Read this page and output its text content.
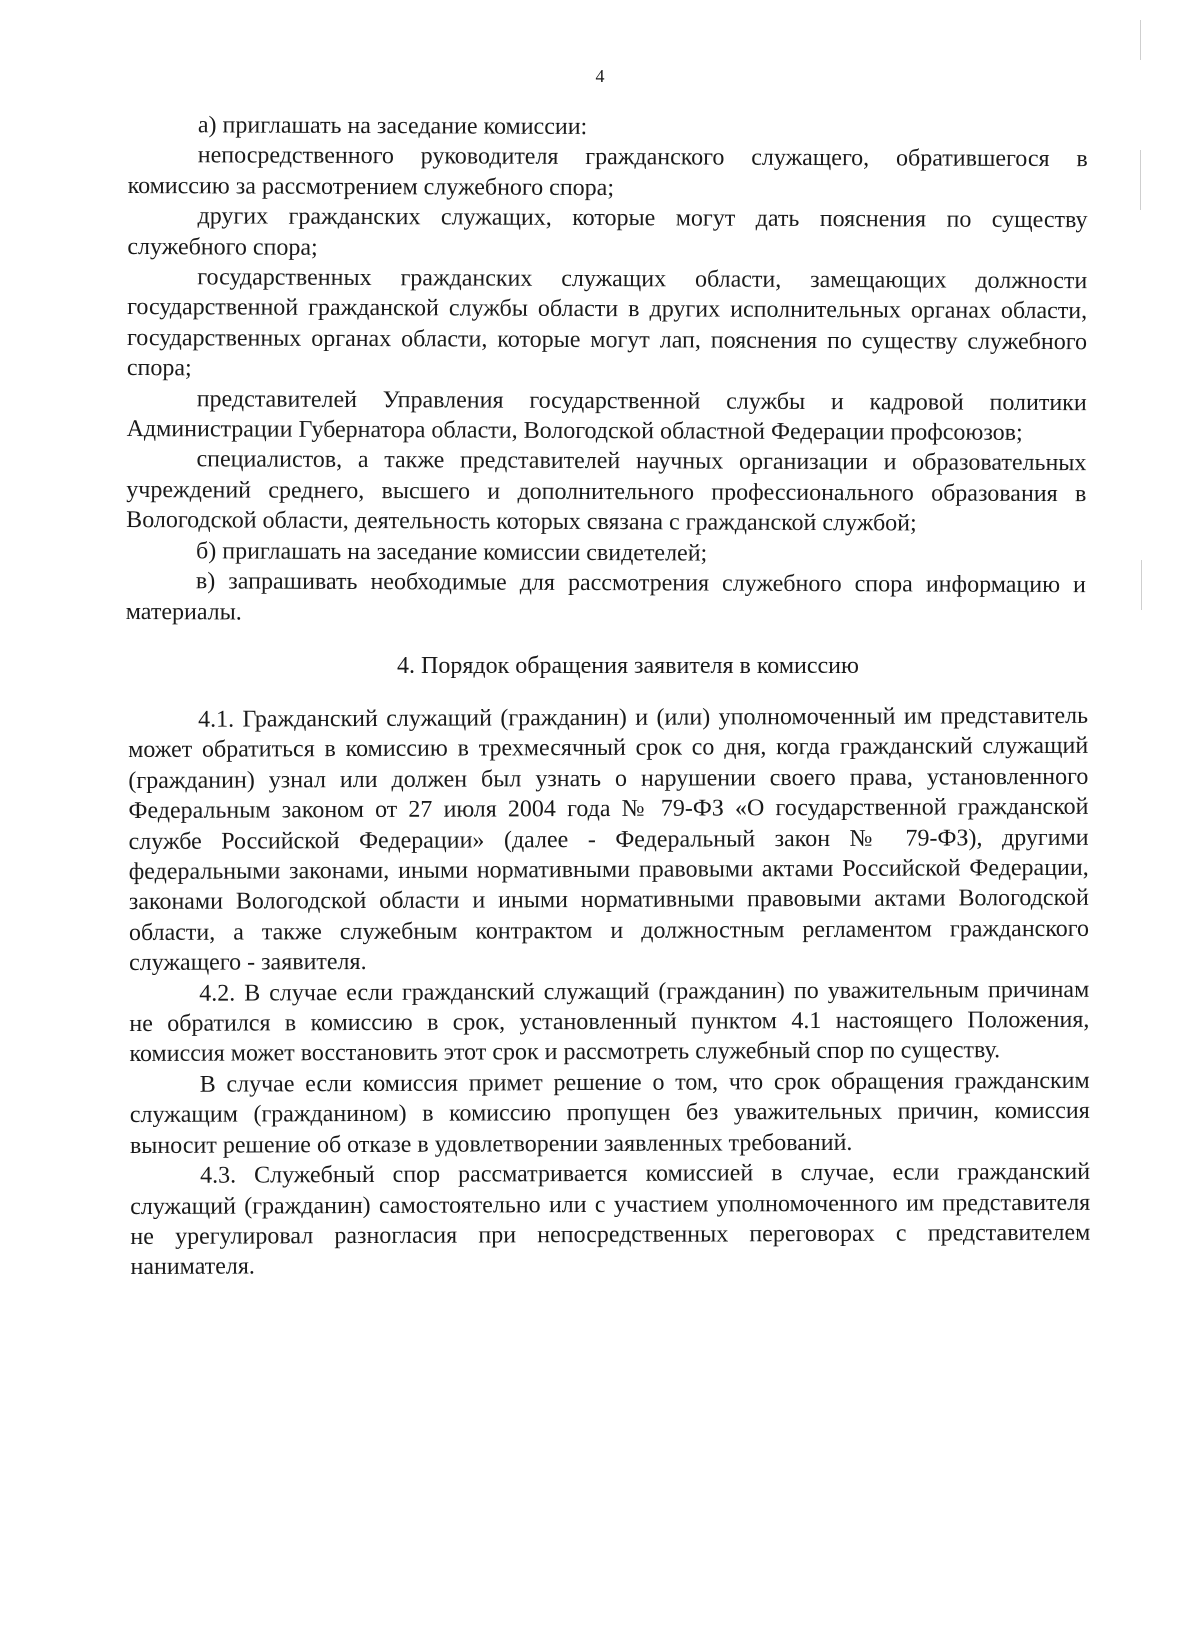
4

а) приглашать на заседание комиссии:

непосредственного руководителя гражданского служащего, обратившегося в комиссию за рассмотрением служебного спора;

других гражданских служащих, которые могут дать пояснения по существу служебного спора;

государственных гражданских служащих области, замещающих должности государственной гражданской службы области в других исполнительных органах области, государственных органах области, которые могут лап, пояснения по существу служебного спора;

представителей Управления государственной службы и кадровой политики Администрации Губернатора области, Вологодской областной Федерации профсоюзов;

специалистов, а также представителей научных организации и образовательных учреждений среднего, высшего и дополнительного профессионального образования в Вологодской области, деятельность которых связана с гражданской службой;

б) приглашать на заседание комиссии свидетелей;

в) запрашивать необходимые для рассмотрения служебного спора информацию и материалы.

4. Порядок обращения заявителя в комиссию

4.1. Гражданский служащий (гражданин) и (или) уполномоченный им представитель может обратиться в комиссию в трехмесячный срок со дня, когда гражданский служащий (гражданин) узнал или должен был узнать о нарушении своего права, установленного Федеральным законом от 27 июля 2004 года № 79-ФЗ «О государственной гражданской службе Российской Федерации» (далее - Федеральный закон № 79-ФЗ), другими федеральными законами, иными нормативными правовыми актами Российской Федерации, законами Вологодской области и иными нормативными правовыми актами Вологодской области, а также служебным контрактом и должностным регламентом гражданского служащего - заявителя.

4.2. В случае если гражданский служащий (гражданин) по уважительным причинам не обратился в комиссию в срок, установленный пунктом 4.1 настоящего Положения, комиссия может восстановить этот срок и рассмотреть служебный спор по существу.

В случае если комиссия примет решение о том, что срок обращения гражданским служащим (гражданином) в комиссию пропущен без уважительных причин, комиссия выносит решение об отказе в удовлетворении заявленных требований.

4.3. Служебный спор рассматривается комиссией в случае, если гражданский служащий (гражданин) самостоятельно или с участием уполномоченного им представителя не урегулировал разногласия при непосредственных переговорах с представителем нанимателя.
